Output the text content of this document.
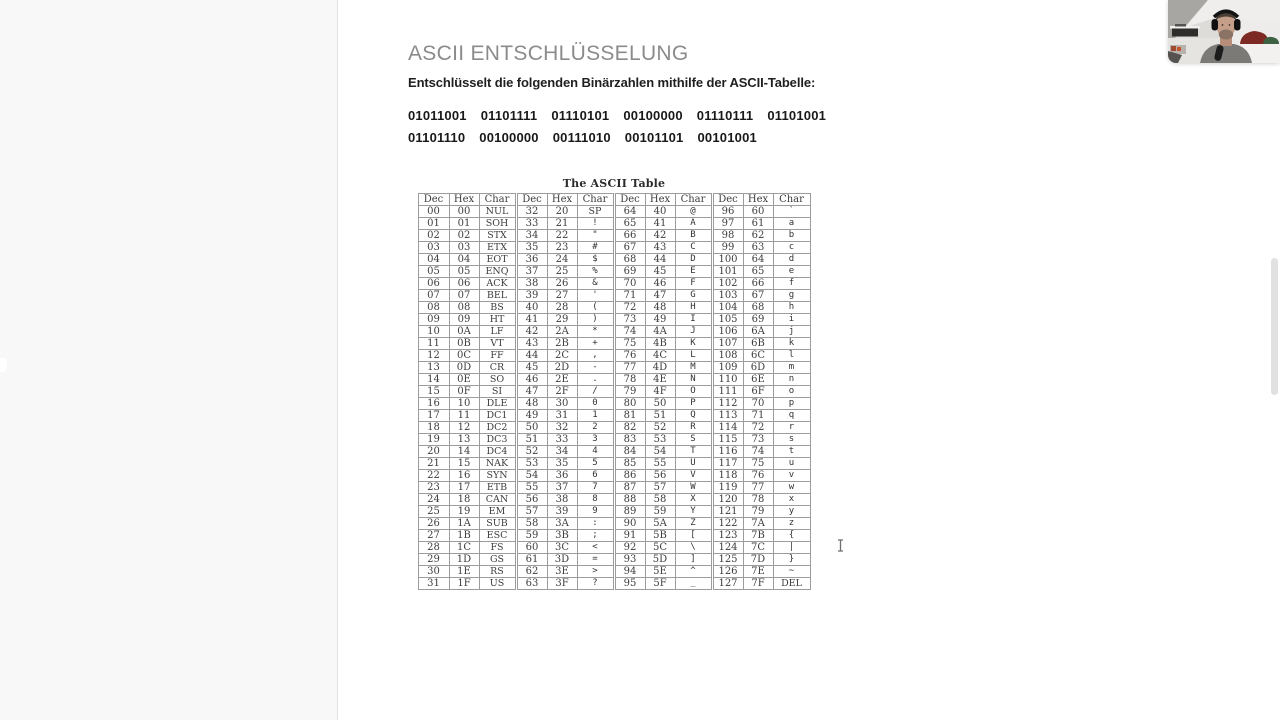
ASCII ENTSCHLÜSSELUNG
Entschlüsselt die folgenden Binärzahlen mithilfe der ASCII-Tabelle:
01011001 01101111 01110101 00100000 01110111 01101001
01101110 00100000 00111010 00101101 00101001
The ASCII Table
Dec	Hex	Char	Dec	Hex	Char	Dec	Hex	Char	Dec	Hex	Char
00	00	NUL	32	20	SP	64	40	@	96	60	`
01	01	SOH	33	21	!	65	41	A	97	61	a
02	02	STX	34	22	"	66	42	B	98	62	b
03	03	ETX	35	23	#	67	43	C	99	63	c
04	04	EOT	36	24	$	68	44	D	100	64	d
05	05	ENQ	37	25	%	69	45	E	101	65	e
06	06	ACK	38	26	&	70	46	F	102	66	f
07	07	BEL	39	27	'	71	47	G	103	67	g
08	08	BS	40	28	(	72	48	H	104	68	h
09	09	HT	41	29	)	73	49	I	105	69	i
10	0A	LF	42	2A	*	74	4A	J	106	6A	j
11	0B	VT	43	2B	+	75	4B	K	107	6B	k
12	0C	FF	44	2C	,	76	4C	L	108	6C	l
13	0D	CR	45	2D	-	77	4D	M	109	6D	m
14	0E	SO	46	2E	.	78	4E	N	110	6E	n
15	0F	SI	47	2F	/	79	4F	O	111	6F	o
16	10	DLE	48	30	0	80	50	P	112	70	p
17	11	DC1	49	31	1	81	51	Q	113	71	q
18	12	DC2	50	32	2	82	52	R	114	72	r
19	13	DC3	51	33	3	83	53	S	115	73	s
20	14	DC4	52	34	4	84	54	T	116	74	t
21	15	NAK	53	35	5	85	55	U	117	75	u
22	16	SYN	54	36	6	86	56	V	118	76	v
23	17	ETB	55	37	7	87	57	W	119	77	w
24	18	CAN	56	38	8	88	58	X	120	78	x
25	19	EM	57	39	9	89	59	Y	121	79	y
26	1A	SUB	58	3A	:	90	5A	Z	122	7A	z
27	1B	ESC	59	3B	;	91	5B	[	123	7B	{
28	1C	FS	60	3C	<	92	5C	\	124	7C	|
29	1D	GS	61	3D	=	93	5D	]	125	7D	}
30	1E	RS	62	3E	>	94	5E	^	126	7E	~
31	1F	US	63	3F	?	95	5F	_	127	7F	DEL
